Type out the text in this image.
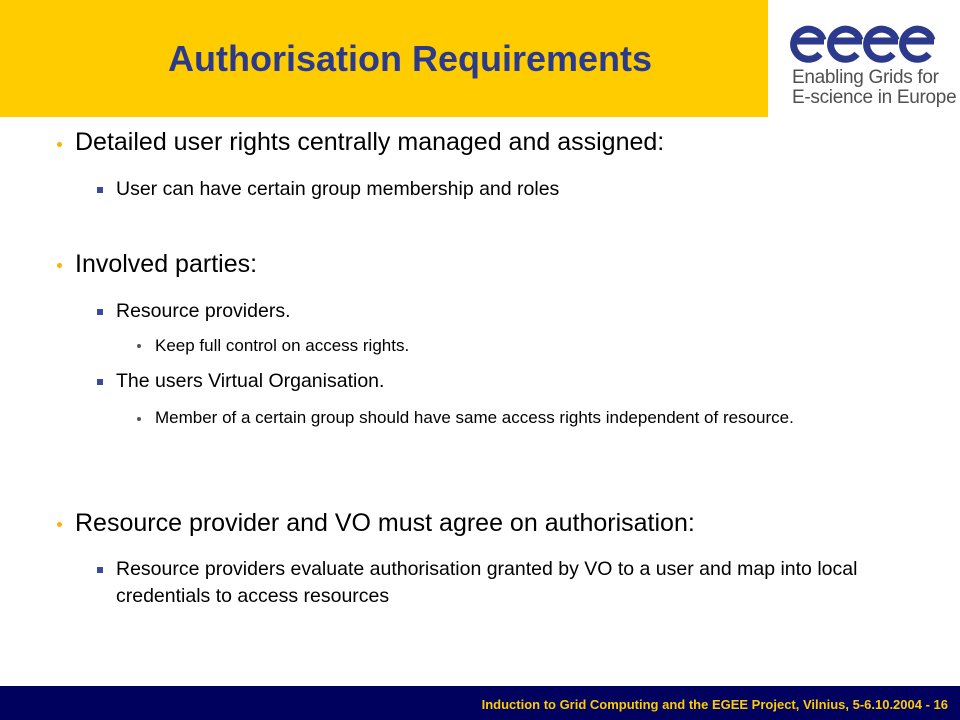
Authorisation Requirements	Enabling Grids for
E-science in Europe
Detailed user rights centrally managed and assigned:
User can have certain group membership and roles
Involved parties:
Resource providers.
Keep full control on access rights.
The users Virtual Organisation.
Member of a certain group should have same access rights independent of resource.
Resource provider and VO must agree on authorisation:
Resource providers evaluate authorisation granted by VO to a user and map into local credentials to access resources
Induction to Grid Computing and the EGEE Project, Vilnius, 5-6.10.2004 - 16
